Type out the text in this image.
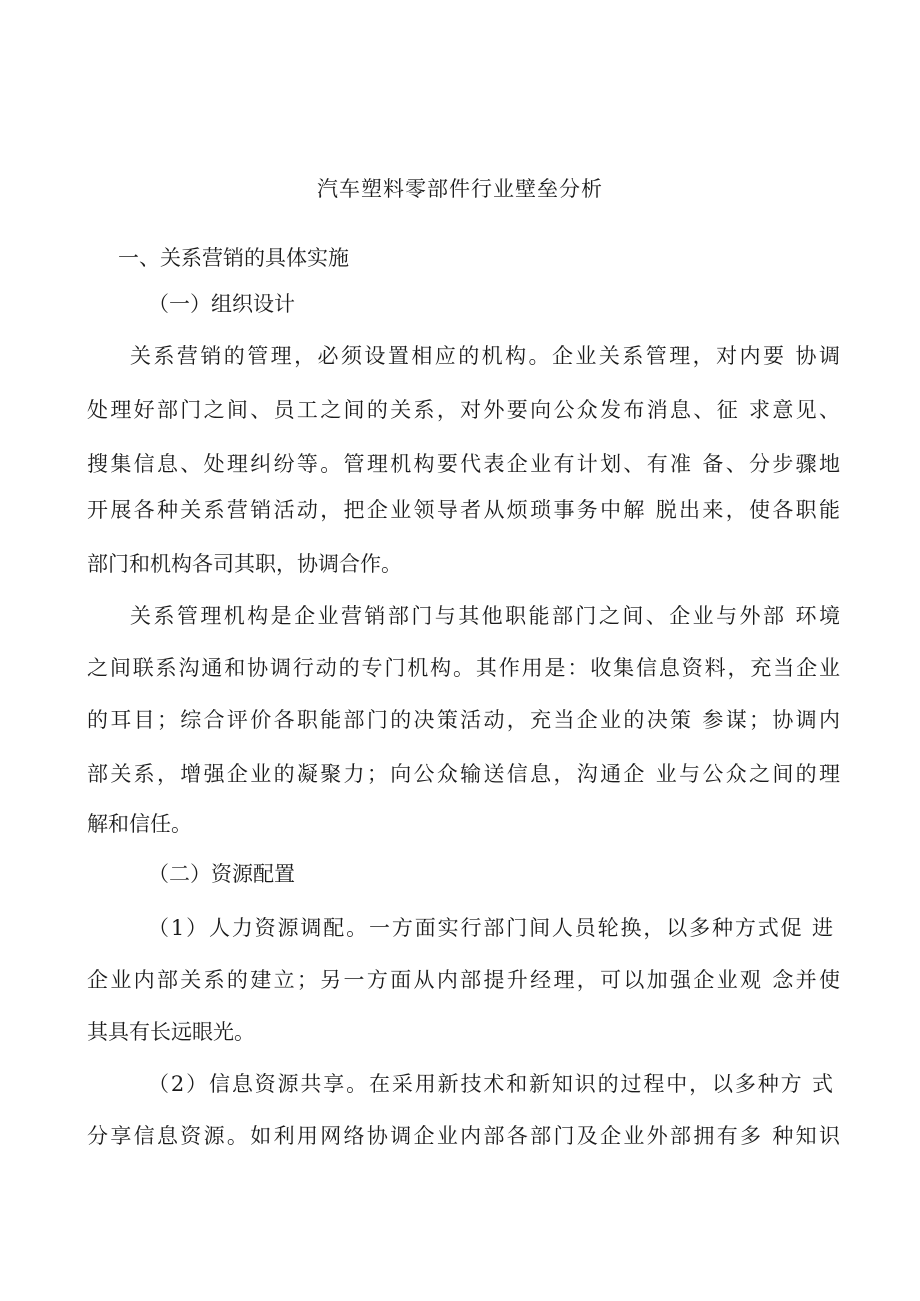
汽车塑料零部件行业壁垒分析
一、关系营销的具体实施
（一）组织设计
关系营销的管理，必须设置相应的机构。企业关系管理，对内要 协调
处理好部门之间、员工之间的关系，对外要向公众发布消息、征 求意见、
搜集信息、处理纠纷等。管理机构要代表企业有计划、有准 备、分步骤地
开展各种关系营销活动，把企业领导者从烦琐事务中解 脱出来，使各职能
部门和机构各司其职，协调合作。
关系管理机构是企业营销部门与其他职能部门之间、企业与外部 环境
之间联系沟通和协调行动的专门机构。其作用是：收集信息资料，充当企业
的耳目；综合评价各职能部门的决策活动，充当企业的决策 参谋；协调内
部关系，增强企业的凝聚力；向公众输送信息，沟通企 业与公众之间的理
解和信任。
（二）资源配置
（1）人力资源调配。一方面实行部门间人员轮换，以多种方式促 进
企业内部关系的建立；另一方面从内部提升经理，可以加强企业观 念并使
其具有长远眼光。
（2）信息资源共享。在采用新技术和新知识的过程中，以多种方 式
分享信息资源。如利用网络协调企业内部各部门及企业外部拥有多 种知识
